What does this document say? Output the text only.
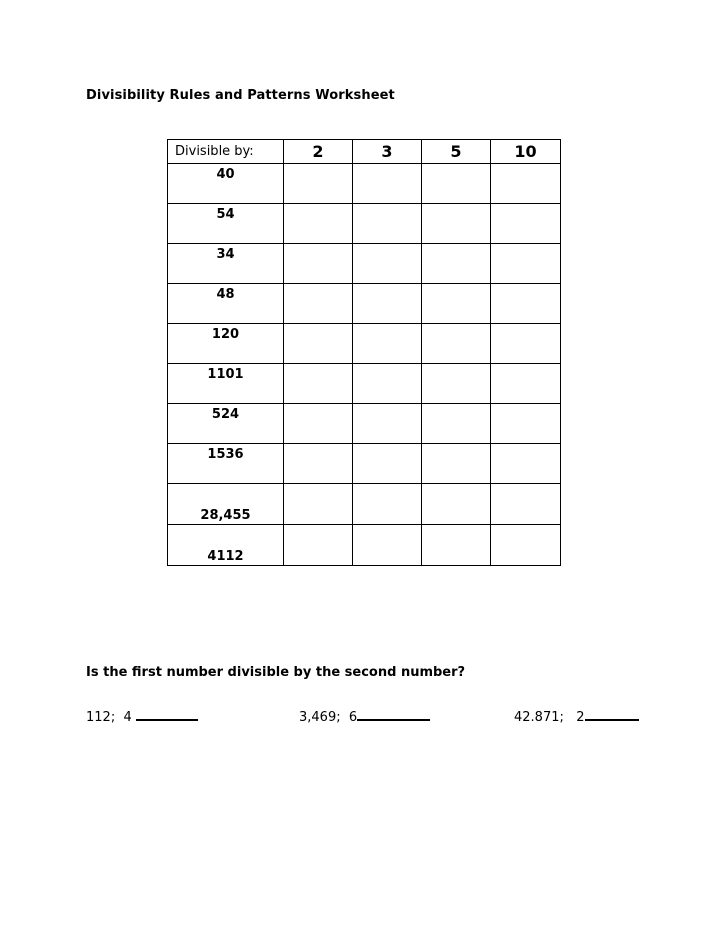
Divisibility Rules and Patterns Worksheet
Divisible by:	2	3	5	10
40				
54				
34				
48				
120				
1101				
524				
1536				
28,455				
4112				
Is the first number divisible by the second number?
112;  4	3,469;  6	42.871;   2
